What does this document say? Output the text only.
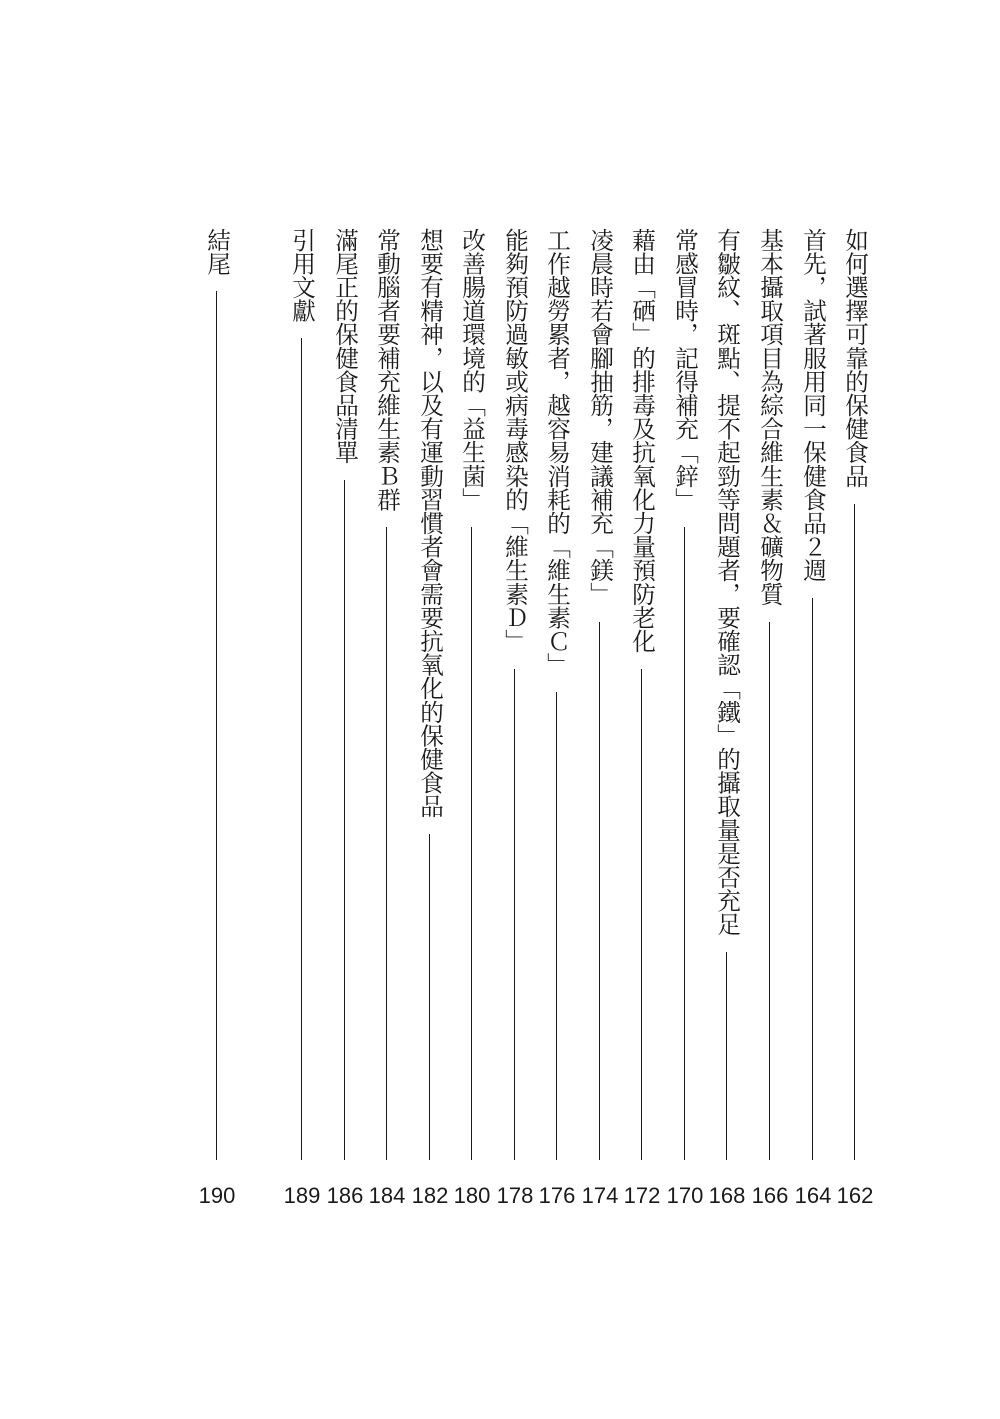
如何選擇可靠的保健食品
162
首先，試著服用同一保健食品２週
164
基本攝取項目為綜合維生素＆礦物質
166
有皺紋、斑點、提不起勁等問題者，要確認「鐵」的攝取量是否充足
168
常感冒時，記得補充「鋅」
170
藉由「硒」的排毒及抗氧化力量預防老化
172
凌晨時若會腳抽筋，建議補充「鎂」
174
工作越勞累者，越容易消耗的「維生素Ｃ」
176
能夠預防過敏或病毒感染的「維生素Ｄ」
178
改善腸道環境的「益生菌」
180
想要有精神，以及有運動習慣者會需要抗氧化的保健食品
182
常動腦者要補充維生素Ｂ群
184
滿尾正的保健食品清單
186
引用文獻
189
結尾
190
